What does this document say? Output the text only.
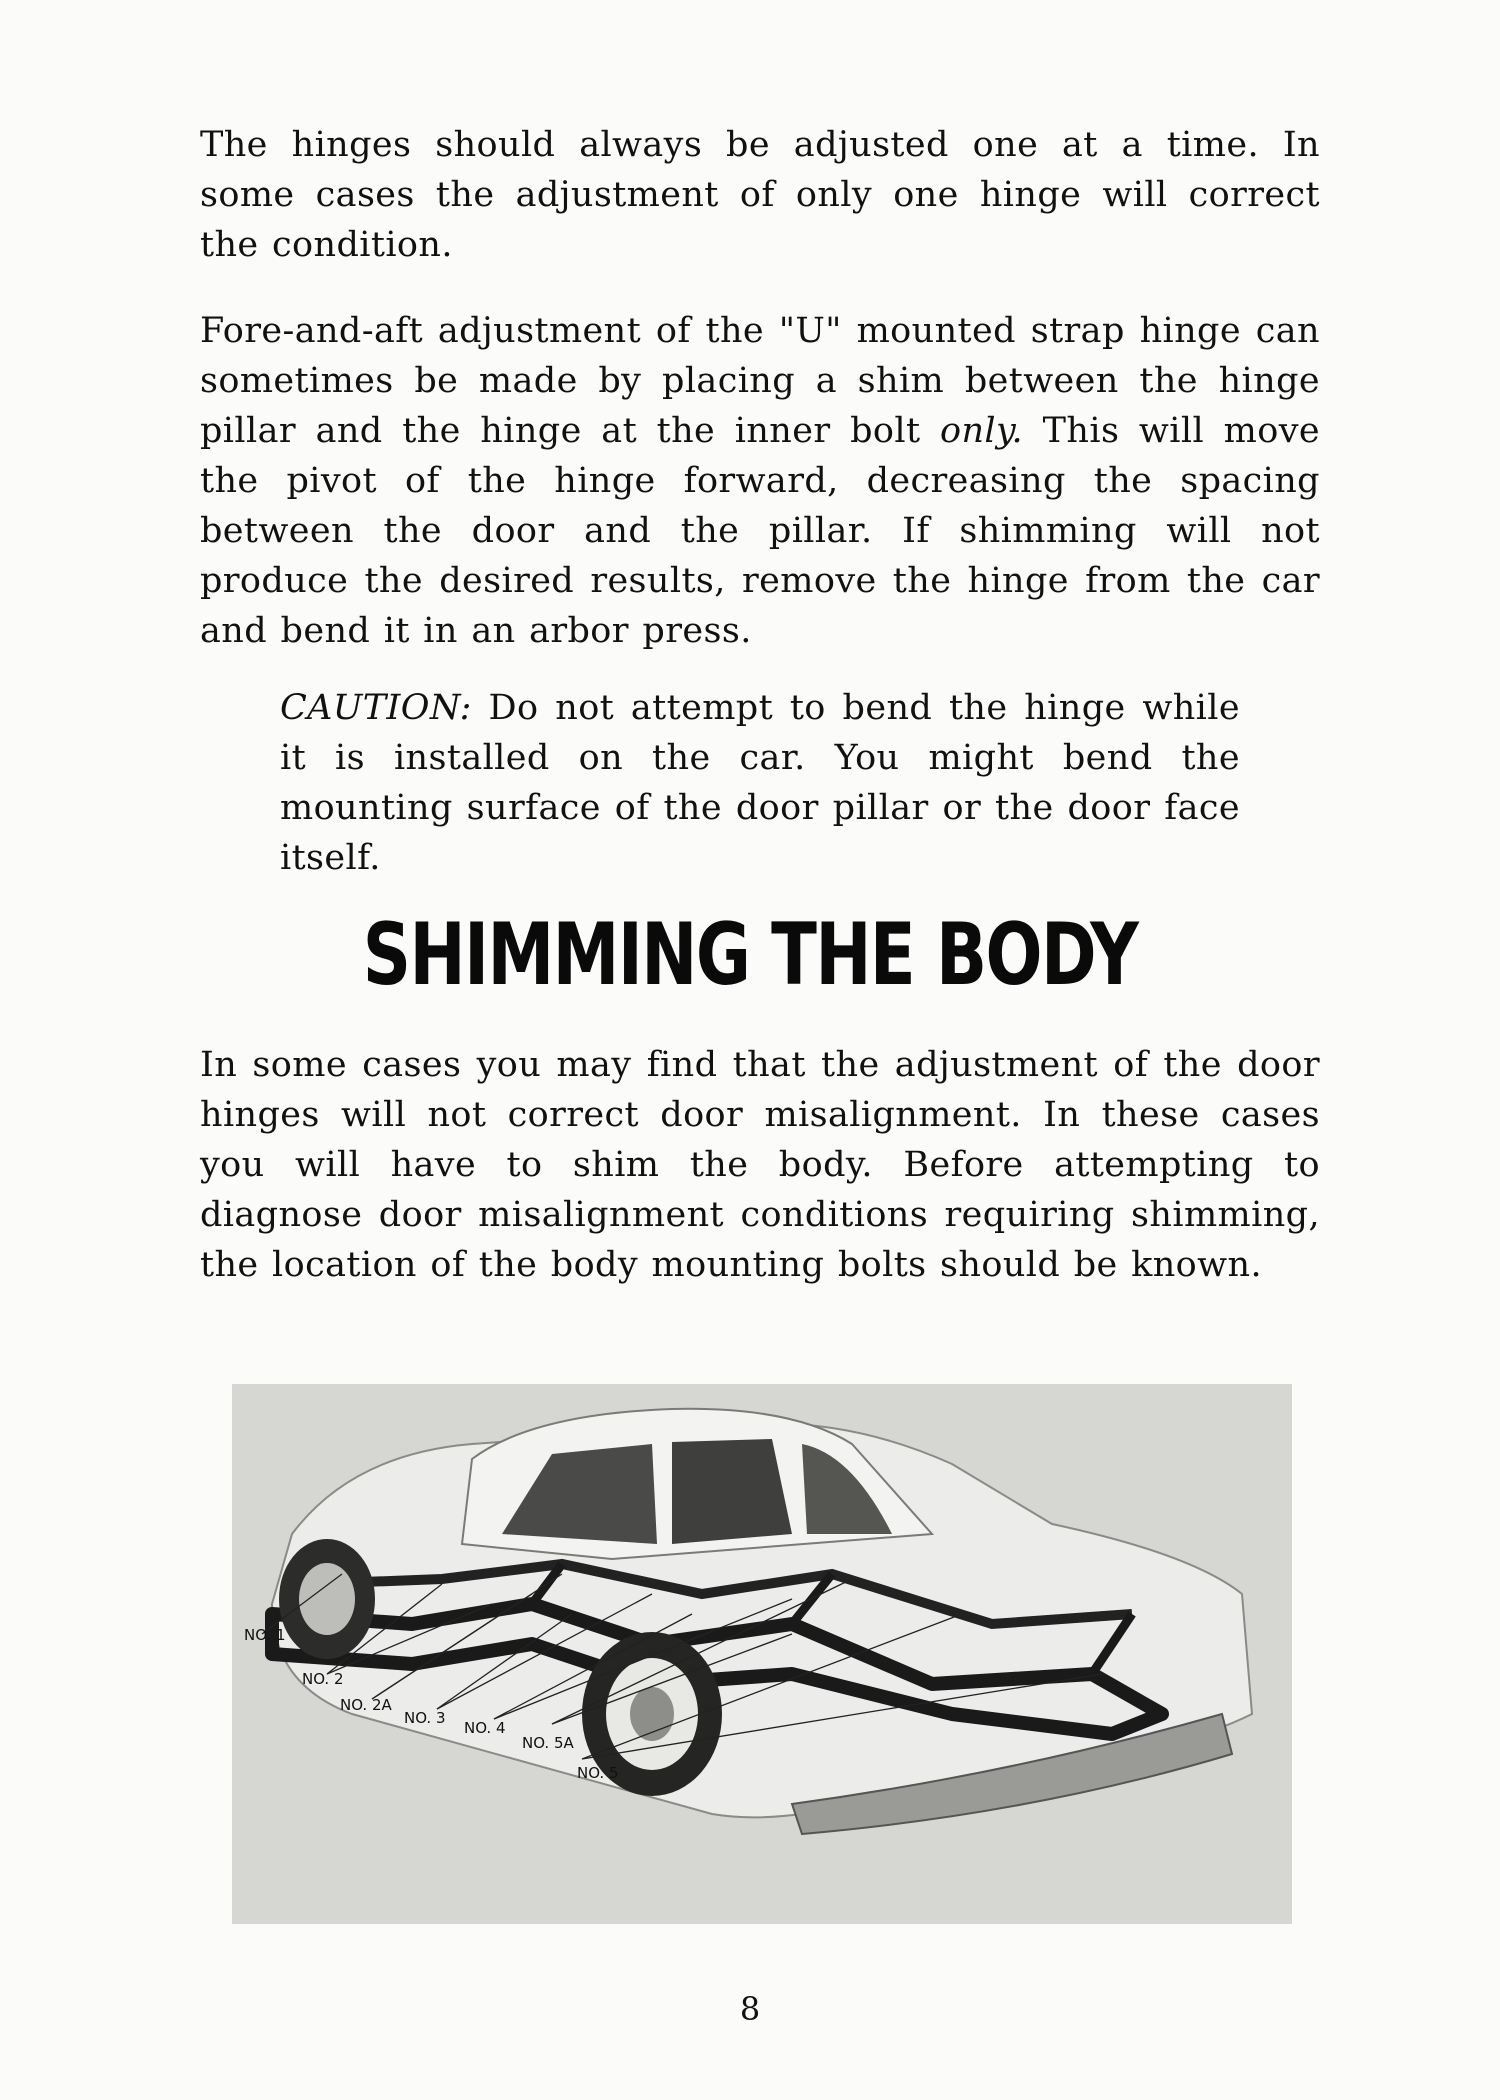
The hinges should always be adjusted one at a time. In some cases the adjustment of only one hinge will correct the condition.

Fore-and-aft adjustment of the "U" mounted strap hinge can sometimes be made by placing a shim between the hinge pillar and the hinge at the inner bolt only. This will move the pivot of the hinge forward, decreasing the spacing between the door and the pillar. If shimming will not produce the desired results, remove the hinge from the car and bend it in an arbor press.

CAUTION: Do not attempt to bend the hinge while it is installed on the car. You might bend the mounting surface of the door pillar or the door face itself.

SHIMMING THE BODY

In some cases you may find that the adjustment of the door hinges will not correct door misalignment. In these cases you will have to shim the body. Before attempting to diagnose door misalignment conditions requiring shimming, the location of the body mounting bolts should be known.

NO. 1
NO. 2
NO. 2A
NO. 3
NO. 4
NO. 5A
NO. 5
8
